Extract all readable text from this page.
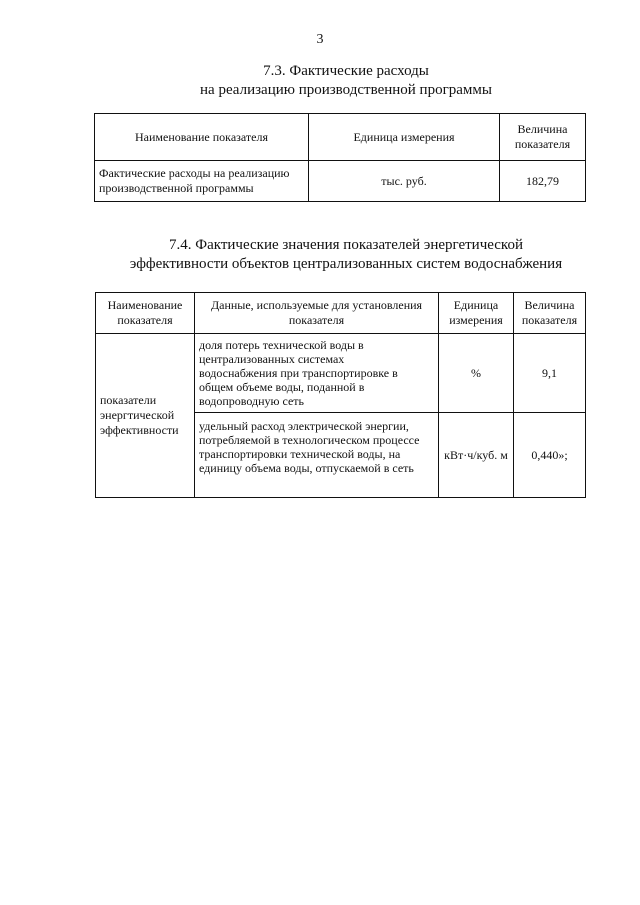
3
7.3. Фактические расходы
на реализацию производственной программы
Наименование показателя	Единица измерения	Величина показателя
Фактические расходы на реализацию производственной программы	тыс. руб.	182,79
7.4. Фактические значения показателей энергетической
эффективности объектов централизованных систем водоснабжения
Наименование показателя	Данные, используемые для установления показателя	Единица измерения	Величина показателя
показатели энергтической эффективности	доля потерь технической воды в централизованных системах водоснабжения при транспортировке в общем объеме воды, поданной в водопроводную сеть	%	9,1
	удельный расход электрической энергии, потребляемой в технологическом процессе транспортировки технической воды, на единицу объема воды, отпускаемой в сеть	кВт·ч/куб. м	0,440»;
